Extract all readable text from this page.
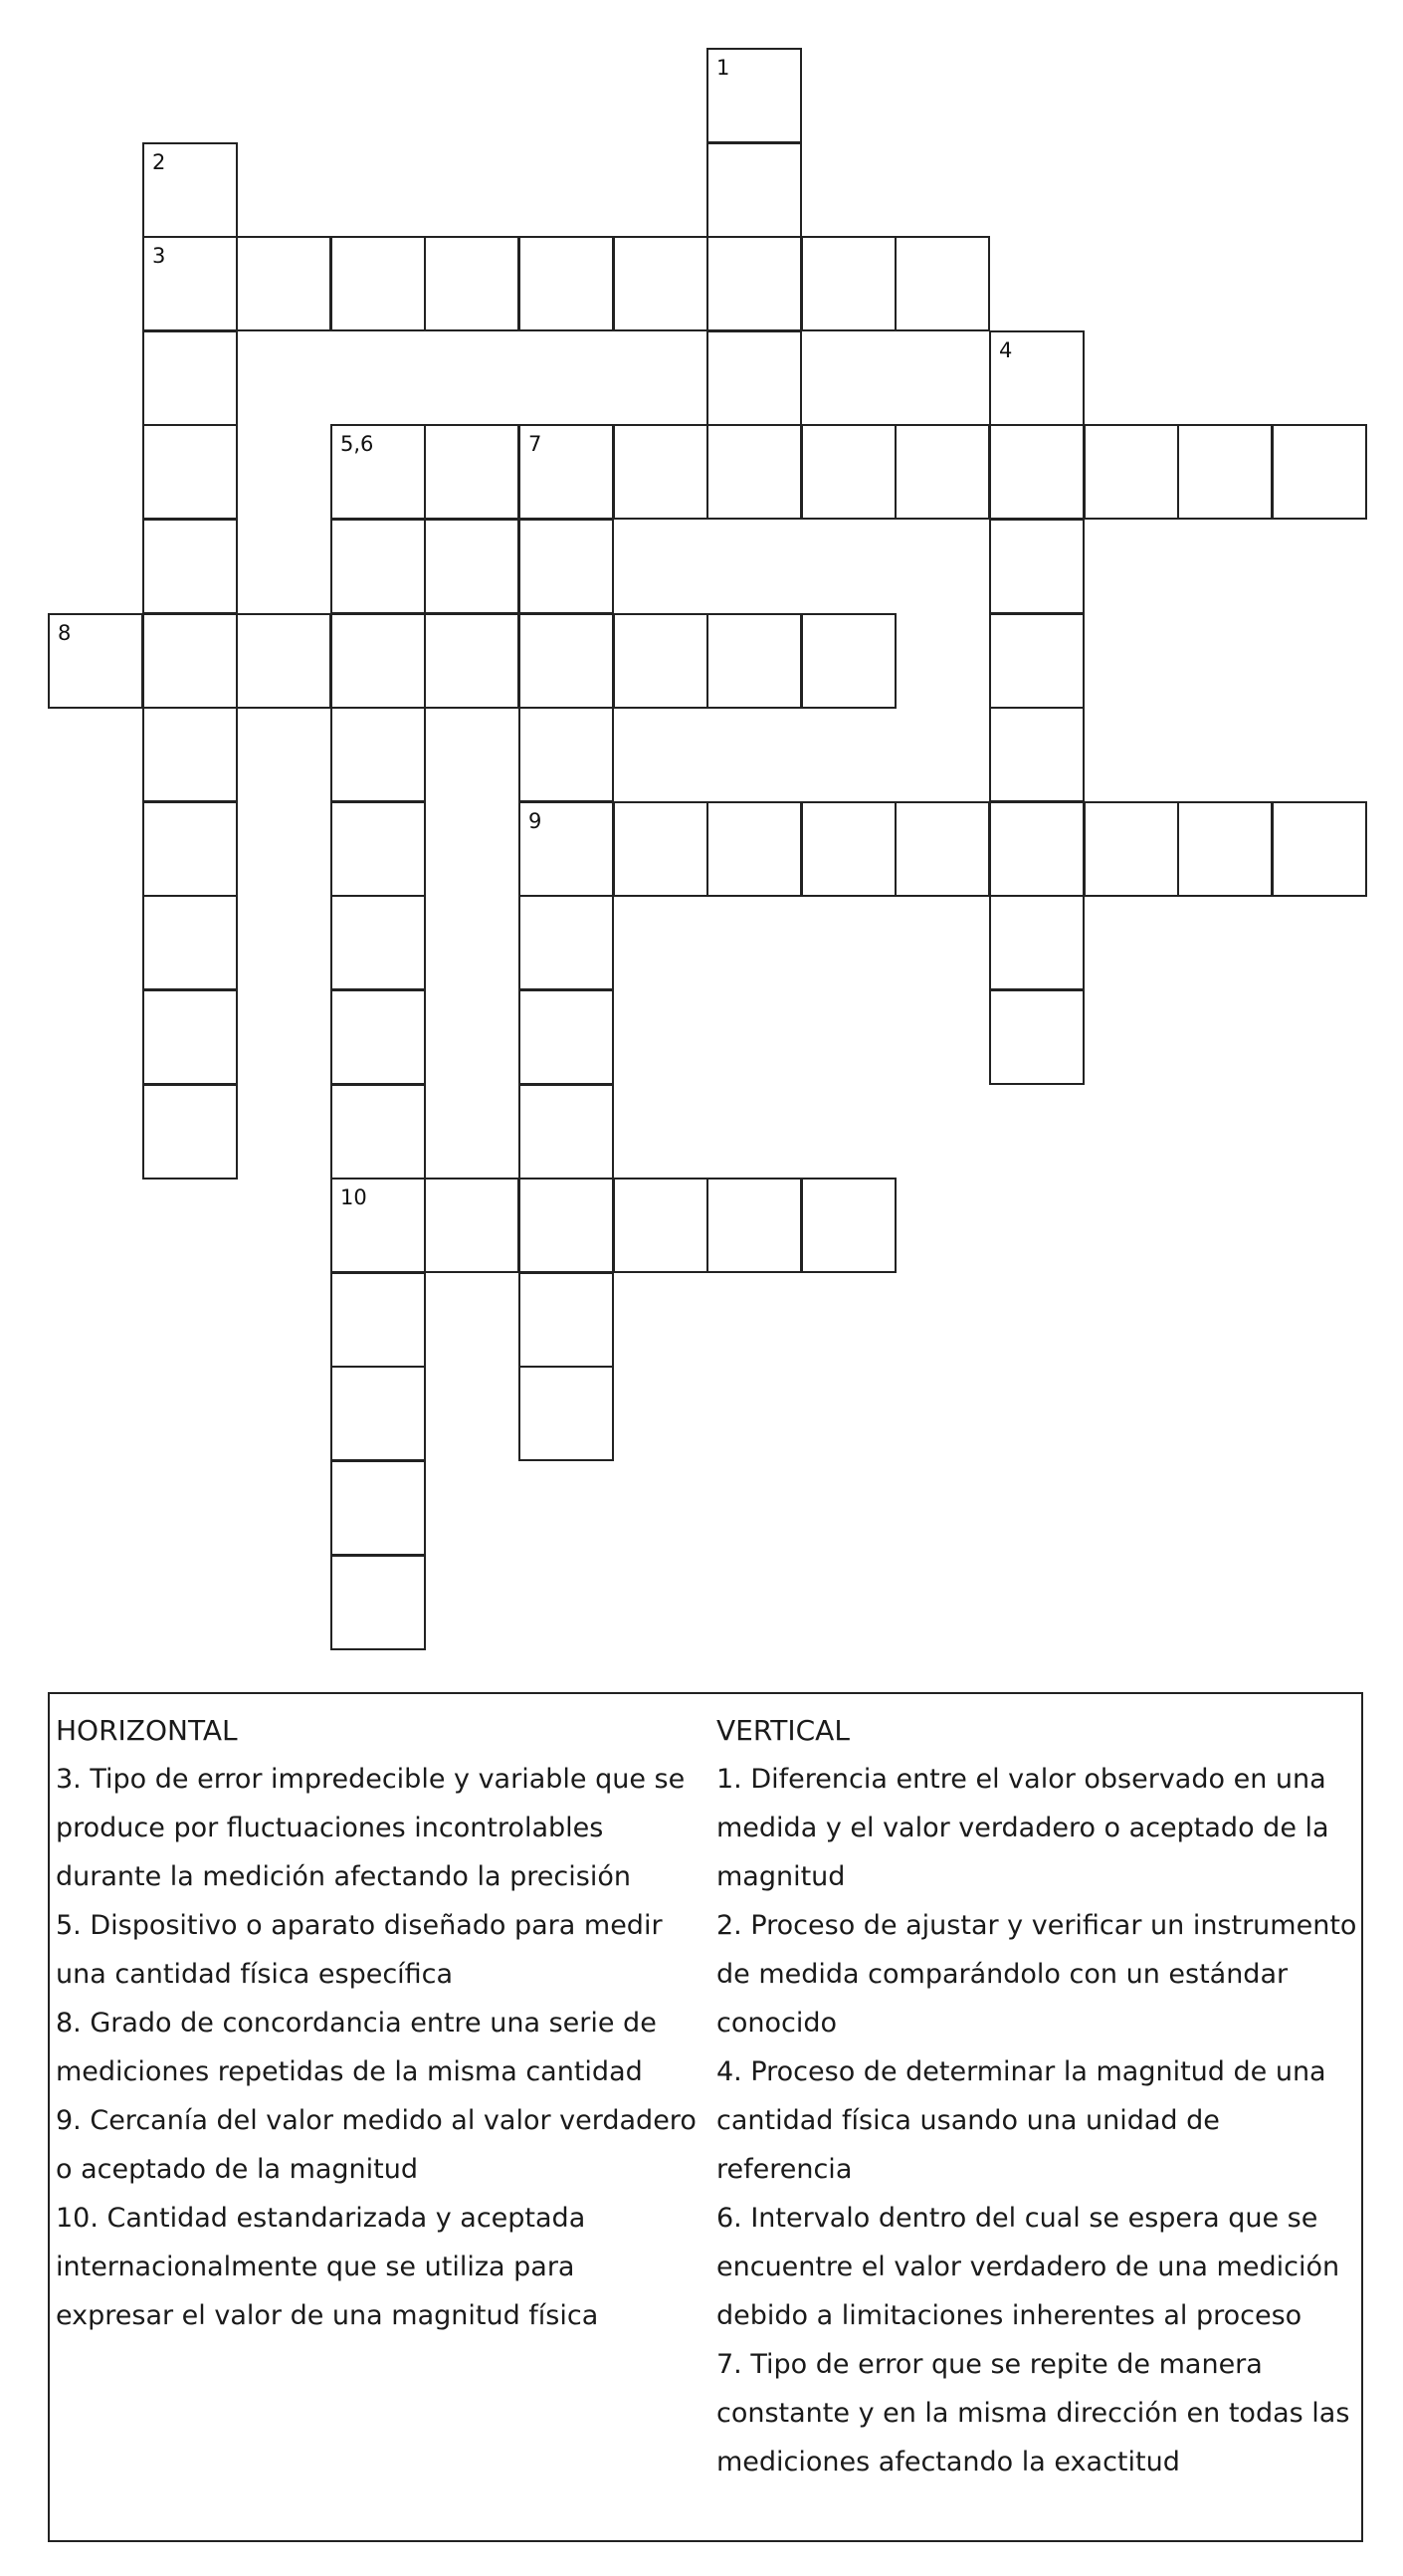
1
2
3
4
5,6	7
10
9
8
HORIZONTAL
3. Tipo de error impredecible y variable que se
produce por fluctuaciones incontrolables
durante la medición afectando la precisión
5. Dispositivo o aparato diseñado para medir
una cantidad física específica
8. Grado de concordancia entre una serie de
mediciones repetidas de la misma cantidad
9. Cercanía del valor medido al valor verdadero
o aceptado de la magnitud
10. Cantidad estandarizada y aceptada
internacionalmente que se utiliza para
expresar el valor de una magnitud física
VERTICAL
1. Diferencia entre el valor observado en una
medida y el valor verdadero o aceptado de la
magnitud
2. Proceso de ajustar y verificar un instrumento
de medida comparándolo con un estándar
conocido
4. Proceso de determinar la magnitud de una
cantidad física usando una unidad de
referencia
6. Intervalo dentro del cual se espera que se
encuentre el valor verdadero de una medición
debido a limitaciones inherentes al proceso
7. Tipo de error que se repite de manera
constante y en la misma dirección en todas las
mediciones afectando la exactitud
